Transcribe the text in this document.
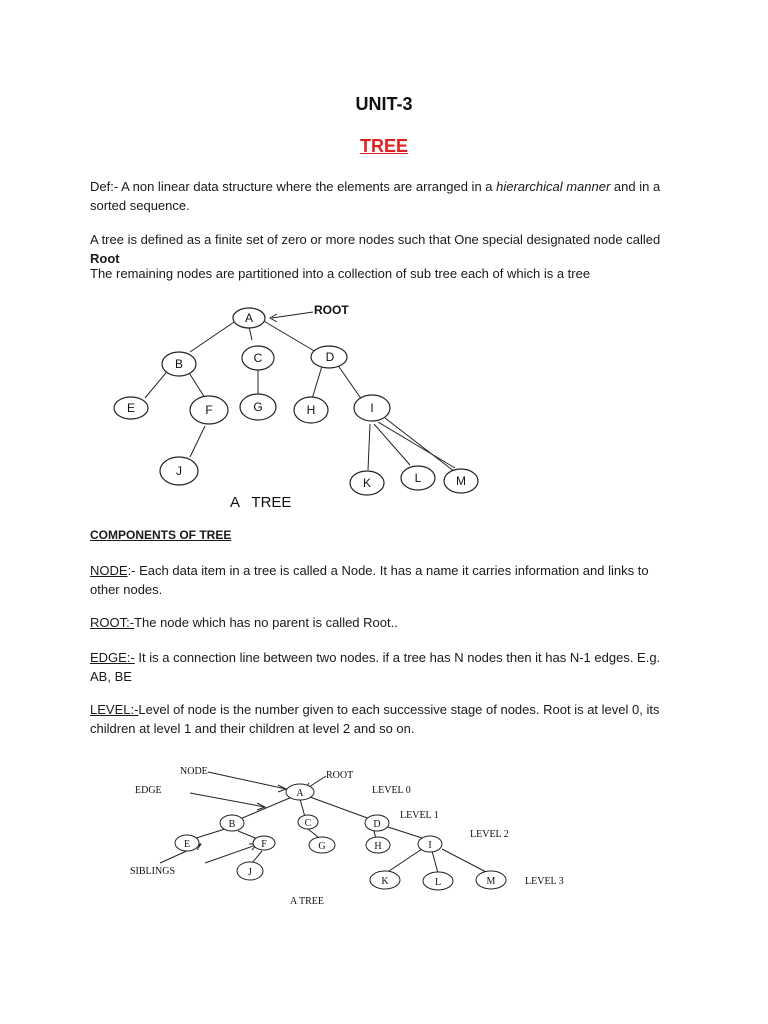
UNIT-3
TREE
Def:- A non linear data structure where the elements are arranged in a hierarchical manner and in a sorted sequence.
A tree is defined as a finite set of zero or more nodes such that One special designated node called Root
The remaining nodes are partitioned into a collection of sub tree each of which is a tree
A
B	C	D
E	F	G	H	I
J
K	L	M
ROOT
A   TREE
COMPONENTS OF TREE
NODE:- Each data item in a tree is called a Node. It has a name it carries information and links to other nodes.
ROOT:-The node which has no parent is called Root..
EDGE:- It is a connection line between two nodes. if a tree has N nodes then it has N-1 edges. E.g. AB, BE
LEVEL:-Level of node is the number given to each successive stage of nodes. Root is at level 0, its children at level 1 and their children at level 2 and so on.
A
B	C	D
E	F	G	H	I
J
K	L	M
NODE	ROOT
EDGE	LEVEL 0
LEVEL 1
LEVEL 2
SIBLINGS
LEVEL 3
A TREE
